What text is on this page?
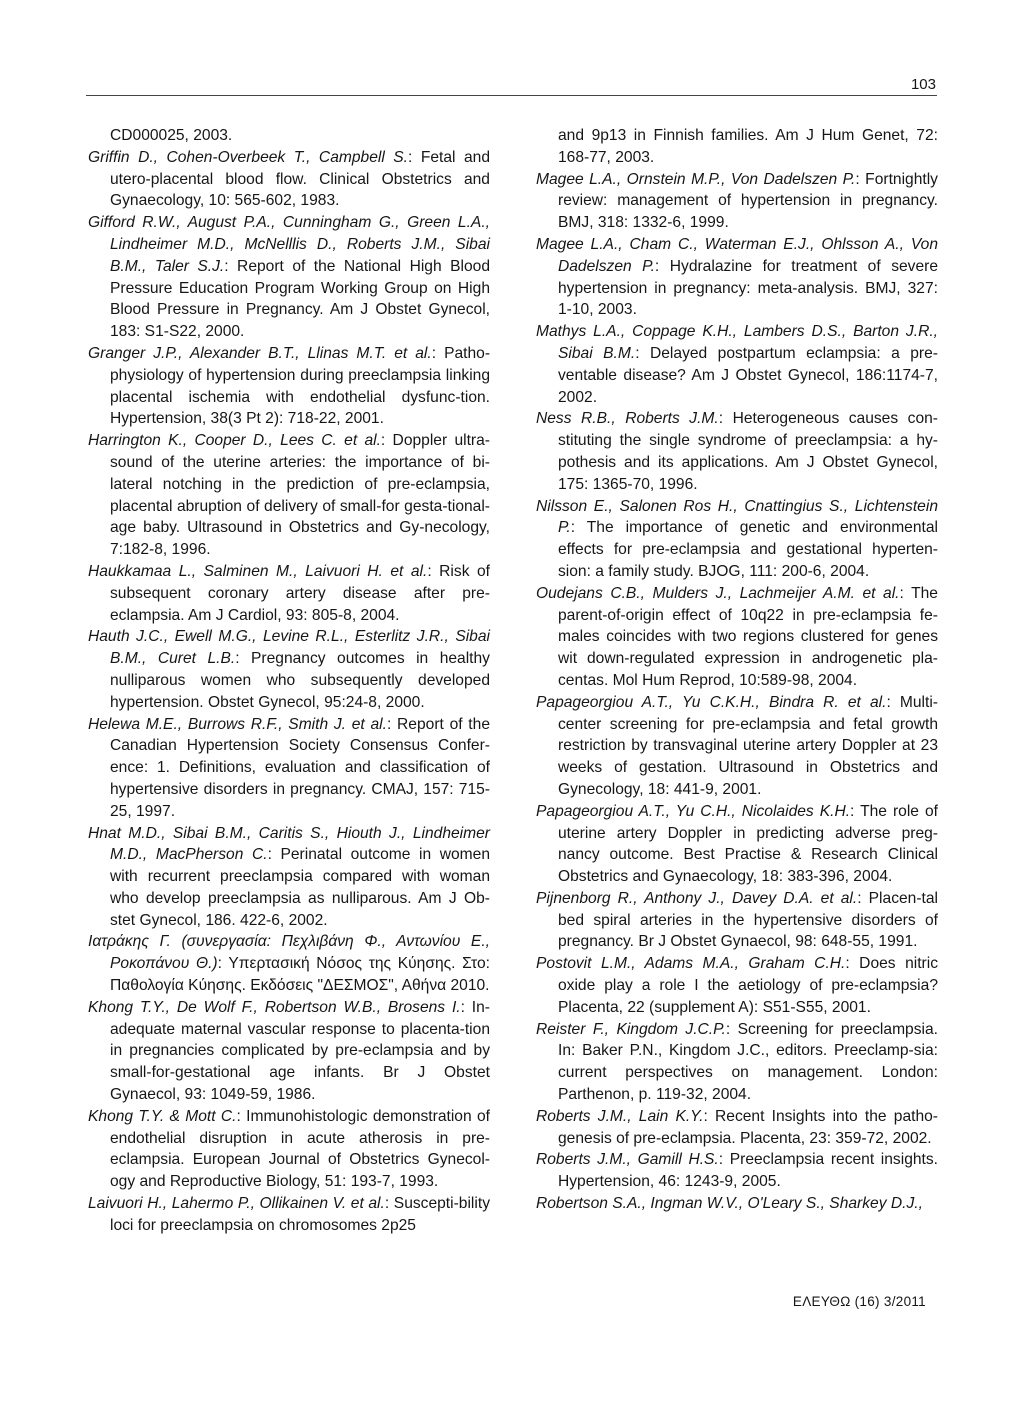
103

CD000025, 2003.

Griffin D., Cohen-Overbeek T., Campbell S.: Fetal and utero-placental blood flow. Clinical Obstetrics and Gynaecology, 10: 565-602, 1983.

Gifford R.W., August P.A., Cunningham G., Green L.A., Lindheimer M.D., McNelllis D., Roberts J.M., Sibai B.M., Taler S.J.: Report of the National High Blood Pressure Education Program Working Group on High Blood Pressure in Pregnancy. Am J Obstet Gynecol, 183: S1-S22, 2000.

Granger J.P., Alexander B.T., Llinas M.T. et al.: Patho-physiology of hypertension during preeclampsia linking placental ischemia with endothelial dysfunc-tion. Hypertension, 38(3 Pt 2): 718-22, 2001.

Harrington K., Cooper D., Lees C. et al.: Doppler ultra-sound of the uterine arteries: the importance of bi-lateral notching in the prediction of pre-eclampsia, placental abruption of delivery of small-for gesta-tional-age baby. Ultrasound in Obstetrics and Gy-necology, 7:182-8, 1996.

Haukkamaa L., Salminen M., Laivuori H. et al.: Risk of subsequent coronary artery disease after pre-eclampsia. Am J Cardiol, 93: 805-8, 2004.

Hauth J.C., Ewell M.G., Levine R.L., Esterlitz J.R., Sibai B.M., Curet L.B.: Pregnancy outcomes in healthy nulliparous women who subsequently developed hypertension. Obstet Gynecol, 95:24-8, 2000.

Helewa M.E., Burrows R.F., Smith J. et al.: Report of the Canadian Hypertension Society Consensus Confer-ence: 1. Definitions, evaluation and classification of hypertensive disorders in pregnancy. CMAJ, 157: 715-25, 1997.

Hnat M.D., Sibai B.M., Caritis S., Hiouth J., Lindheimer M.D., MacPherson C.: Perinatal outcome in women with recurrent preeclampsia compared with woman who develop preeclampsia as nulliparous. Am J Ob-stet Gynecol, 186. 422-6, 2002.

Ιατράκης Γ. (συνεργασία: Πεχλιβάνη Φ., Αντωνίου Ε., Ροκοπάνου Θ.): Υπερτασική Νόσος της Κύησης. Στο: Παθολογία Κύησης. Εκδόσεις "ΔΕΣΜΟΣ", Αθήνα 2010.

Khong T.Y., De Wolf F., Robertson W.B., Brosens I.: In-adequate maternal vascular response to placenta-tion in pregnancies complicated by pre-eclampsia and by small-for-gestational age infants. Br J Obstet Gynaecol, 93: 1049-59, 1986.

Khong T.Y. & Mott C.: Immunohistologic demonstration of endothelial disruption in acute atherosis in pre-eclampsia. European Journal of Obstetrics Gynecol-ogy and Reproductive Biology, 51: 193-7, 1993.

Laivuori H., Lahermo P., Ollikainen V. et al.: Suscepti-bility loci for preeclampsia on chromosomes 2p25

and 9p13 in Finnish families. Am J Hum Genet, 72: 168-77, 2003.

Magee L.A., Ornstein M.P., Von Dadelszen P.: Fortnightly review: management of hypertension in pregnancy. BMJ, 318: 1332-6, 1999.

Magee L.A., Cham C., Waterman E.J., Ohlsson A., Von Dadelszen P.: Hydralazine for treatment of severe hypertension in pregnancy: meta-analysis. BMJ, 327: 1-10, 2003.

Mathys L.A., Coppage K.H., Lambers D.S., Barton J.R., Sibai B.M.: Delayed postpartum eclampsia: a pre-ventable disease? Am J Obstet Gynecol, 186:1174-7, 2002.

Ness R.B., Roberts J.M.: Heterogeneous causes con-stituting the single syndrome of preeclampsia: a hy-pothesis and its applications. Am J Obstet Gynecol, 175: 1365-70, 1996.

Nilsson E., Salonen Ros H., Cnattingius S., Lichtenstein P.: The importance of genetic and environmental effects for pre-eclampsia and gestational hyperten-sion: a family study. BJOG, 111: 200-6, 2004.

Oudejans C.B., Mulders J., Lachmeijer A.M. et al.: The parent-of-origin effect of 10q22 in pre-eclampsia fe-males coincides with two regions clustered for genes wit down-regulated expression in androgenetic pla-centas. Mol Hum Reprod, 10:589-98, 2004.

Papageorgiou A.T., Yu C.K.H., Bindra R. et al.: Multi-center screening for pre-eclampsia and fetal growth restriction by transvaginal uterine artery Doppler at 23 weeks of gestation. Ultrasound in Obstetrics and Gynecology, 18: 441-9, 2001.

Papageorgiou A.T., Yu C.H., Nicolaides K.H.: The role of uterine artery Doppler in predicting adverse preg-nancy outcome. Best Practise & Research Clinical Obstetrics and Gynaecology, 18: 383-396, 2004.

Pijnenborg R., Anthony J., Davey D.A. et al.: Placen-tal bed spiral arteries in the hypertensive disorders of pregnancy. Br J Obstet Gynaecol, 98: 648-55, 1991.

Postovit L.M., Adams M.A., Graham C.H.: Does nitric oxide play a role I the aetiology of pre-eclampsia? Placenta, 22 (supplement A): S51-S55, 2001.

Reister F., Kingdom J.C.P.: Screening for preeclampsia. In: Baker P.N., Kingdom J.C., editors. Preeclamp-sia: current perspectives on management. London: Parthenon, p. 119-32, 2004.

Roberts J.M., Lain K.Y.: Recent Insights into the patho-genesis of pre-eclampsia. Placenta, 23: 359-72, 2002.

Roberts J.M., Gamill H.S.: Preeclampsia recent insights. Hypertension, 46: 1243-9, 2005.

Robertson S.A., Ingman W.V., O'Leary S., Sharkey D.J.,

ΕΛΕΥΘΩ (16) 3/2011
